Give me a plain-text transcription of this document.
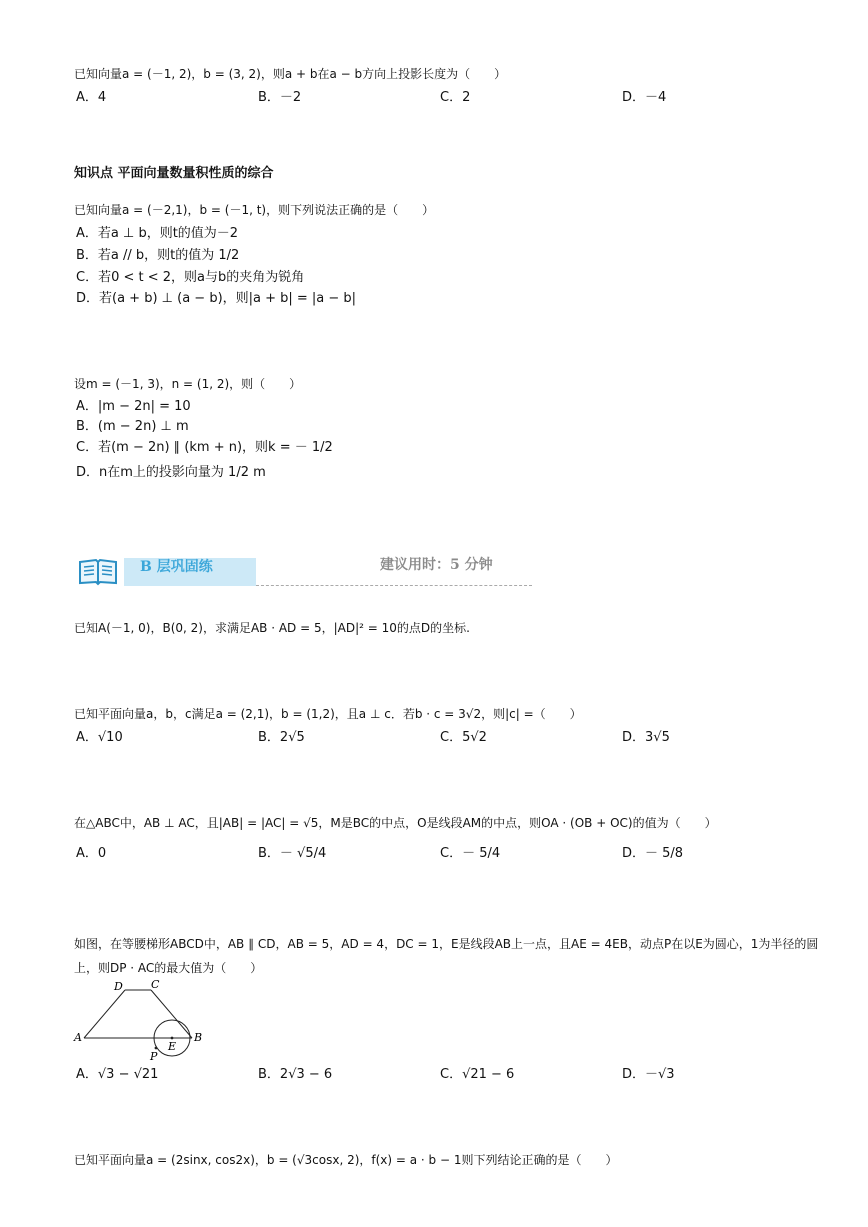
已知向量a = (－1, 2)，b = (3, 2)，则a + b在a − b方向上投影长度为（　　）
A．4	B．－2	C．2	D．－4
知识点 平面向量数量积性质的综合
已知向量a = (－2,1)，b = (－1, t)，则下列说法正确的是（　　）
A．若a ⊥ b，则t的值为－2
B．若a // b，则t的值为 1/2
C．若0 < t < 2，则a与b的夹角为锐角
D．若(a + b) ⊥ (a − b)，则|a + b| = |a − b|
设m = (－1, 3)，n = (1, 2)，则（　　）
A．|m − 2n| = 10
B．(m − 2n) ⊥ m
C．若(m − 2n) ∥ (km + n)，则k = － 1/2
D．n在m上的投影向量为 1/2 m
B 层巩固练	建议用时：5 分钟
已知A(－1, 0)，B(0, 2)，求满足AB · AD = 5，|AD|² = 10的点D的坐标.
已知平面向量a，b，c满足a = (2,1)，b = (1,2)，且a ⊥ c．若b · c = 3√2，则|c| =（　　）
A．√10	B．2√5	C．5√2	D．3√5
在△ABC中，AB ⊥ AC，且|AB| = |AC| = √5，M是BC的中点，O是线段AM的中点，则OA · (OB + OC)的值为（　　）
A．0	B．－ √5/4	C．－ 5/4	D．－ 5/8
如图，在等腰梯形ABCD中，AB ∥ CD，AB = 5，AD = 4，DC = 1，E是线段AB上一点，且AE = 4EB，动点P在以E为圆心，1为半径的圆
上，则DP · AC的最大值为（　　）
D	C
A	B
E
P
A．√3 − √21	B．2√3 − 6	C．√21 − 6	D．－√3
已知平面向量a = (2sinx, cos2x)，b = (√3cosx, 2)，f(x) = a · b − 1则下列结论正确的是（　　）
